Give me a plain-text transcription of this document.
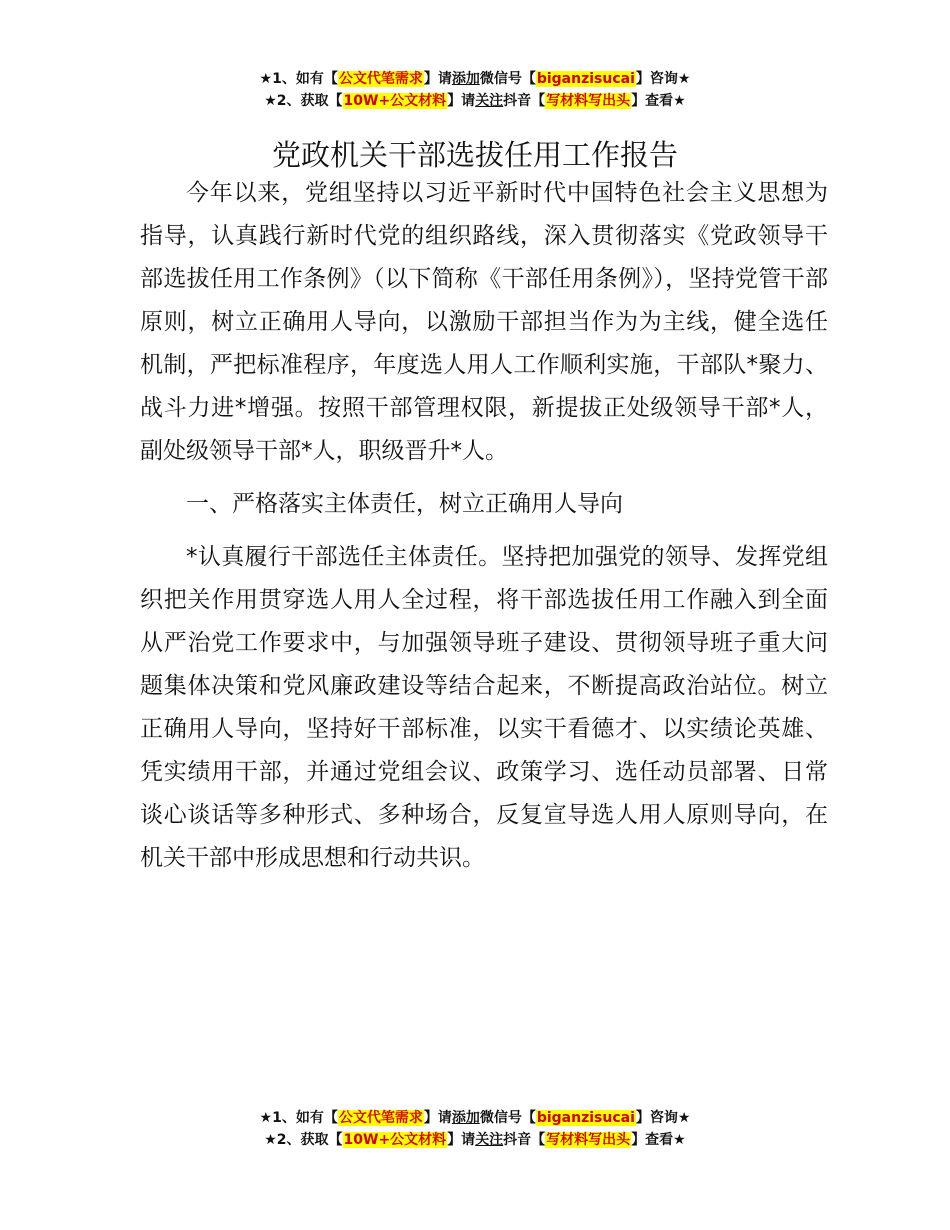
★1、如有【公文代笔需求】请添加微信号【biganzisucai】咨询★
★2、获取【10W+公文材料】请关注抖音【写材料写出头】查看★
党政机关干部选拔任用工作报告

今年以来，党组坚持以习近平新时代中国特色社会主义思想为指导，认真践行新时代党的组织路线，深入贯彻落实《党政领导干部选拔任用工作条例》（以下简称《干部任用条例》），坚持党管干部原则，树立正确用人导向，以激励干部担当作为为主线，健全选任机制，严把标准程序，年度选人用人工作顺利实施，干部队*聚力、战斗力进*增强。按照干部管理权限，新提拔正处级领导干部*人，副处级领导干部*人，职级晋升*人。

一、严格落实主体责任，树立正确用人导向

*认真履行干部选任主体责任。坚持把加强党的领导、发挥党组织把关作用贯穿选人用人全过程，将干部选拔任用工作融入到全面从严治党工作要求中，与加强领导班子建设、贯彻领导班子重大问题集体决策和党风廉政建设等结合起来，不断提高政治站位。树立正确用人导向，坚持好干部标准，以实干看德才、以实绩论英雄、凭实绩用干部，并通过党组会议、政策学习、选任动员部署、日常谈心谈话等多种形式、多种场合，反复宣导选人用人原则导向，在机关干部中形成思想和行动共识。

★1、如有【公文代笔需求】请添加微信号【biganzisucai】咨询★
★2、获取【10W+公文材料】请关注抖音【写材料写出头】查看★
